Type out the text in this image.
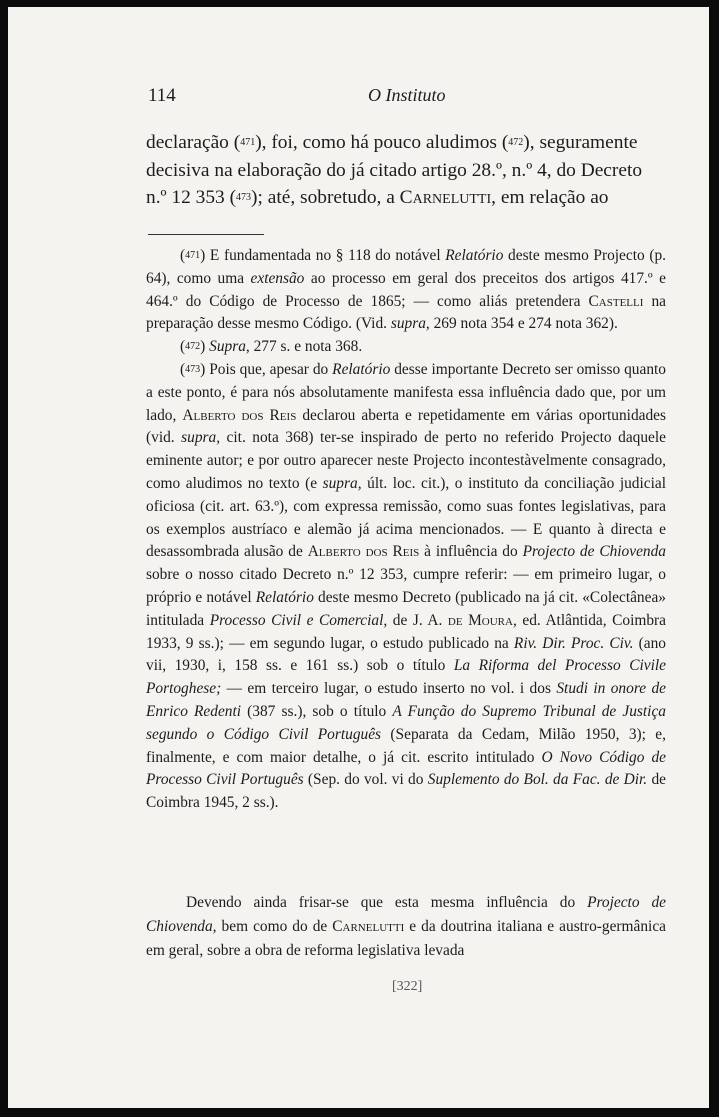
114	O Instituto

declaração ($^{471}$), foi, como há pouco aludimos ($^{472}$), seguramente

decisiva na elaboração do já citado artigo 28.º, n.º 4, do Decreto

n.º 12 353 ($^{473}$); até, sobretudo, a Carnelutti, em relação ao

($^{471}$) E fundamentada no § 118 do notável Relatório deste mesmo Projecto (p. 64), como uma extensão ao processo em geral dos preceitos dos artigos 417.º e 464.º do Código de Processo de 1865; — como aliás pretendera Castelli na preparação desse mesmo Código. (Vid. supra, 269 nota 354 e 274 nota 362).

($^{472}$) Supra, 277 s. e nota 368.

($^{473}$) Pois que, apesar do Relatório desse importante Decreto ser omisso quanto a este ponto, é para nós absolutamente manifesta essa influência dado que, por um lado, Alberto dos Reis declarou aberta e repetidamente em várias oportunidades (vid. supra, cit. nota 368) ter-se inspirado de perto no referido Projecto daquele eminente autor; e por outro aparecer neste Projecto incontestàvelmente consagrado, como aludimos no texto (e supra, últ. loc. cit.), o instituto da conciliação judicial oficiosa (cit. art. 63.º), com expressa remissão, como suas fontes legislativas, para os exemplos austríaco e alemão já acima mencionados. — E quanto à directa e desassombrada alusão de Alberto dos Reis à influência do Projecto de Chiovenda sobre o nosso citado Decreto n.º 12 353, cumpre referir: — em primeiro lugar, o próprio e notável Relatório deste mesmo Decreto (publicado na já cit. «Colectânea» intitulada Processo Civil e Comercial, de J. A. de Moura, ed. Atlântida, Coimbra 1933, 9 ss.); — em segundo lugar, o estudo publicado na Riv. Dir. Proc. Civ. (ano vii, 1930, i, 158 ss. e 161 ss.) sob o título La Riforma del Processo Civile Portoghese; — em terceiro lugar, o estudo inserto no vol. i dos Studi in onore de Enrico Redenti (387 ss.), sob o título A Função do Supremo Tribunal de Justiça segundo o Código Civil Português (Separata da Cedam, Milão 1950, 3); e, finalmente, e com maior detalhe, o já cit. escrito intitulado O Novo Código de Processo Civil Português (Sep. do vol. vi do Suplemento do Bol. da Fac. de Dir. de Coimbra 1945, 2 ss.).

Devendo ainda frisar-se que esta mesma influência do Projecto de Chiovenda, bem como do de Carnelutti e da doutrina italiana e austro-germânica em geral, sobre a obra de reforma legislativa levada

[322]
